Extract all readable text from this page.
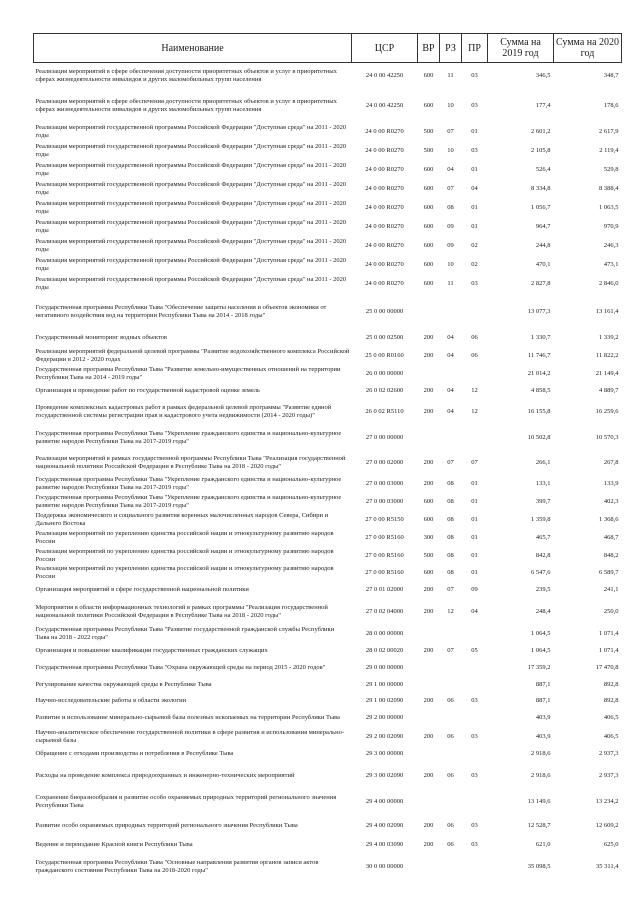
Наименование	ЦСР	ВР	РЗ	ПР	Сумма на 2019 год	Сумма на 2020 год
Реализация мероприятий в сфере обеспечения доступности приоритетных объектов и услуг в приоритетных сферах жизнедеятельности инвалидов и других маломобильных групп населения	24 0 00 42250	600	11	03	346,5	348,7
Реализация мероприятий в сфере обеспечения доступности приоритетных объектов и услуг в приоритетных сферах жизнедеятельности инвалидов и других маломобильных групп населения	24 0 00 42250	600	10	03	177,4	178,6
Реализация мероприятий государственной программы Российской Федерации "Доступная среда" на 2011 - 2020 годы	24 0 00 R0270	500	07	01	2 601,2	2 617,9
Реализация мероприятий государственной программы Российской Федерации "Доступная среда" на 2011 - 2020 годы	24 0 00 R0270	500	10	03	2 105,8	2 119,4
Реализация мероприятий государственной программы Российской Федерации "Доступная среда" на 2011 - 2020 годы	24 0 00 R0270	600	04	01	526,4	529,8
Реализация мероприятий государственной программы Российской Федерации "Доступная среда" на 2011 - 2020 годы	24 0 00 R0270	600	07	04	8 334,8	8 388,4
Реализация мероприятий государственной программы Российской Федерации "Доступная среда" на 2011 - 2020 годы	24 0 00 R0270	600	08	01	1 056,7	1 063,5
Реализация мероприятий государственной программы Российской Федерации "Доступная среда" на 2011 - 2020 годы	24 0 00 R0270	600	09	01	964,7	970,9
Реализация мероприятий государственной программы Российской Федерации "Доступная среда" на 2011 - 2020 годы	24 0 00 R0270	600	09	02	244,8	246,3
Реализация мероприятий государственной программы Российской Федерации "Доступная среда" на 2011 - 2020 годы	24 0 00 R0270	600	10	02	470,1	473,1
Реализация мероприятий государственной программы Российской Федерации "Доступная среда" на 2011 - 2020 годы	24 0 00 R0270	600	11	03	2 827,8	2 846,0
Государственная программа Республики Тыва "Обеспечение защиты населения и объектов экономики от негативного воздействия вод на территории Республики Тыва на 2014 - 2018 годы"	25 0 00 00000				13 077,3	13 161,4
Государственный мониторинг водных объектов	25 0 00 02500	200	04	06	1 330,7	1 339,2
Реализация мероприятий федеральной целевой программы "Развитие водохозяйственного комплекса Российской Федерации в 2012 - 2020 годах	25 0 00 R0160	200	04	06	11 746,7	11 822,2
Государственная программа Республики Тыва "Развитие земельно-имущественных отношений на территории Республики Тыва на 2014 - 2019 годы"	26 0 00 00000				21 014,2	21 149,4
Организация и проведение работ по государственной кадастровой оценке земель	26 0 02 02600	200	04	12	4 858,5	4 889,7
Проведение комплексных кадастровых работ в рамках федеральной целевой программы "Развитие единой государственной системы регистрации прав и кадастрового учета недвижимости (2014 - 2020 годы)"	26 0 02 R5110	200	04	12	16 155,8	16 259,6
Государственная программа Республики Тыва "Укрепление гражданского единства и национально-культурное развитие народов Республики Тыва на 2017-2019 годы"	27 0 00 00000				10 502,8	10 570,3
Реализация мероприятий в рамках государственной программы Республики Тыва "Реализация государственной национальной политики Российской Федерации в Республике Тыва на 2018 - 2020 годы"	27 0 00 02000	200	07	07	266,1	267,8
Государственная программа Республики Тыва "Укрепление гражданского единства и национально-культурное развитие народов Республики Тыва на 2017-2019 годы"	27 0 00 03000	200	08	01	133,1	133,9
Государственная программа Республики Тыва "Укрепление гражданского единства и национально-культурное развитие народов Республики Тыва на 2017-2019 годы"	27 0 00 03000	600	08	01	399,7	402,3
Поддержка экономического и социального развития коренных малочисленных народов Севера, Сибири и Дальнего Востока	27 0 00 R5150	600	08	01	1 359,8	1 368,6
Реализация мероприятий по укреплению единства российской нации и этнокультурному развитию народов России	27 0 00 R5160	300	08	01	465,7	468,7
Реализация мероприятий по укреплению единства российской нации и этнокультурному развитию народов России	27 0 00 R5160	500	08	01	842,8	848,2
Реализация мероприятий по укреплению единства российской нации и этнокультурному развитию народов России	27 0 00 R5160	600	08	01	6 547,6	6 589,7
Организация мероприятий в сфере государственной национальной политики	27 0 01 02000	200	07	09	239,5	241,1
Мероприятия в области информационных технологий в рамках программы "Реализация государственной национальной политики Российской Федерации в Республике Тыва на 2018 - 2020 годы"	27 0 02 04000	200	12	04	248,4	250,0
Государственная программа Республики Тыва "Развитие государственной гражданской службы Республики Тыва на 2018 - 2022 годы"	28 0 00 00000				1 064,5	1 071,4
Организация и повышение квалификации государственных гражданских служащих	28 0 02 00020	200	07	05	1 064,5	1 071,4
Государственная программа Республики Тыва "Охрана окружающей среды на период 2015 - 2020 годов"	29 0 00 00000				17 359,2	17 470,8
Регулирование качества окружающей среды в Республике Тыва	29 1 00 00000				887,1	892,8
Научно-исследовательские работы в области экологии	29 1 00 02090	200	06	03	887,1	892,8
Развитие и использование минерально-сырьевой базы полезных ископаемых на территории Республики Тыва	29 2 00 00000				403,9	406,5
Научно-аналитическое обеспечение государственной политики в сфере развития и использования минерально-сырьевой базы	29 2 00 02090	200	06	03	403,9	406,5
Обращение с отходами производства и потребления в Республике Тыва	29 3 00 00000				2 918,6	2 937,3
Расходы на проведение комплекса природоохранных и инженерно-технических мероприятий	29 3 00 02090	200	06	03	2 918,6	2 937,3
Сохранение биоразнообразия и развитие особо охраняемых природных территорий регионального значения Республики Тыва	29 4 00 00000				13 149,6	13 234,2
Развитие особо охраняемых природных территорий регионального значения Республики Тыва	29 4 00 02090	200	06	03	12 528,7	12 609,2
Ведение и переиздание Красной книги Республики Тыва	29 4 00 03090	200	06	03	621,0	625,0
Государственная программа Республики Тыва "Основные направления развития органов записи актов гражданского состояния Республики Тыва на 2018-2020 годы"	30 0 00 00000				35 098,5	35 311,4
